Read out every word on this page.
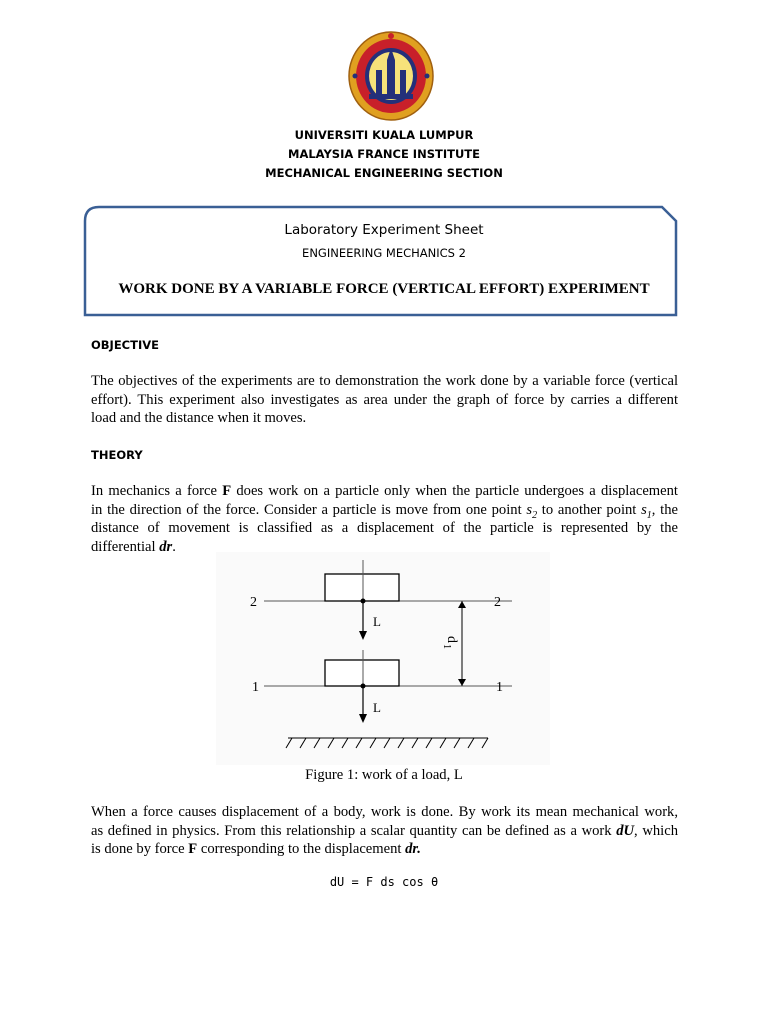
UNIVERSITI KUALA LUMPUR
MALAYSIA FRANCE INSTITUTE
MECHANICAL ENGINEERING SECTION
Laboratory Experiment Sheet
ENGINEERING MECHANICS 2
WORK DONE BY A VARIABLE FORCE (VERTICAL EFFORT) EXPERIMENT
OBJECTIVE
The objectives of the experiments are to demonstration the work done by a variable force (vertical
effort). This experiment also investigates as area under the graph of force by carries a different
load and the distance when it moves.
THEORY
In mechanics a force F does work on a particle only when the particle undergoes a displacement
in the direction of the force. Consider a particle is move from one point $s_2$ to another point $s_1$, the
distance of movement is classified as a displacement of the particle is represented by the
differential dr.
2	2
1	1
L
L
d
1
Figure 1: work of a load, L
When a force causes displacement of a body, work is done. By work its mean mechanical work,
as defined in physics. From this relationship a scalar quantity can be defined as a work dU, which
is done by force F corresponding to the displacement dr.
dU = F ds cos θ
